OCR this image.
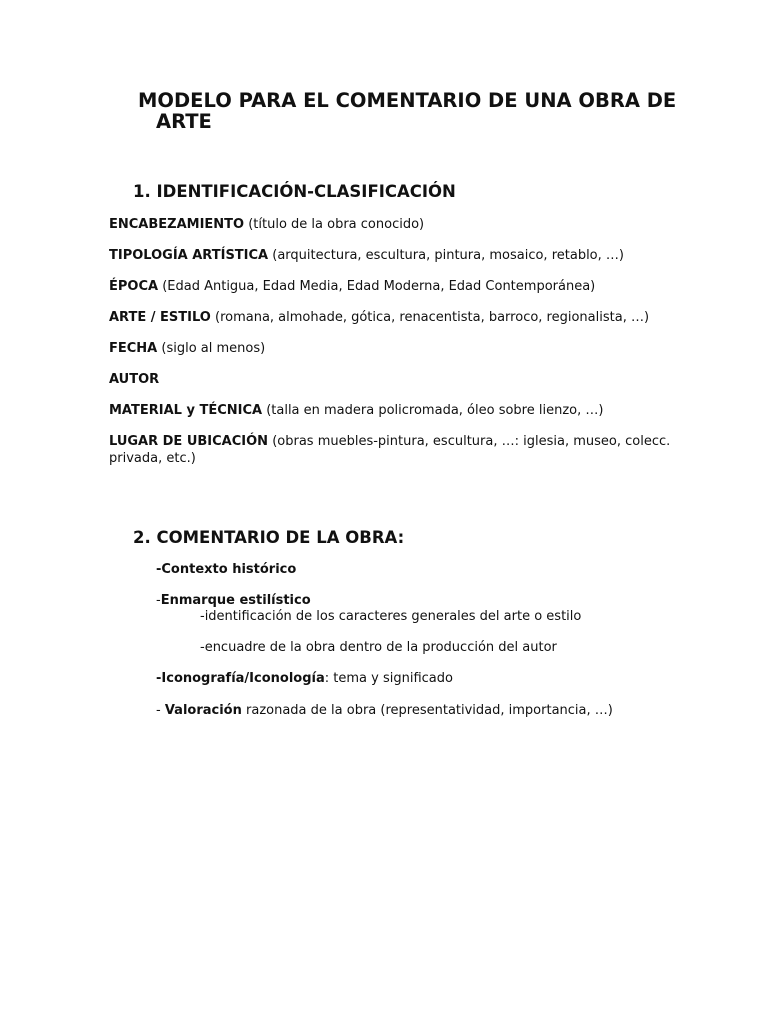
MODELO PARA EL COMENTARIO DE UNA OBRA DE
ARTE
1. IDENTIFICACIÓN-CLASIFICACIÓN
ENCABEZAMIENTO (título de la obra conocido)
TIPOLOGÍA ARTÍSTICA (arquitectura, escultura, pintura, mosaico, retablo, …)
ÉPOCA (Edad Antigua, Edad Media, Edad Moderna, Edad Contemporánea)
ARTE / ESTILO (romana, almohade, gótica, renacentista, barroco, regionalista, …)
FECHA (siglo al menos)
AUTOR
MATERIAL y TÉCNICA (talla en madera policromada, óleo sobre lienzo, …)
LUGAR DE UBICACIÓN (obras muebles-pintura, escultura, …: iglesia, museo, colecc.
privada, etc.)
2. COMENTARIO DE LA OBRA:
-Contexto histórico
-Enmarque estilístico
-identificación de los caracteres generales del arte o estilo
-encuadre de la obra dentro de la producción del autor
-Iconografía/Iconología: tema y significado
- Valoración razonada de la obra (representatividad, importancia, …)
